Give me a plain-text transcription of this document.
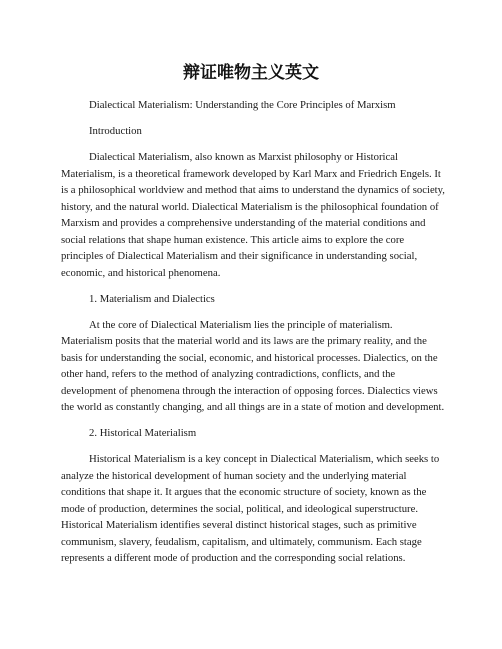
辩证唯物主义英文

Dialectical Materialism: Understanding the Core Principles of Marxism

Introduction

Dialectical Materialism, also known as Marxist philosophy or Historical Materialism, is a theoretical framework developed by Karl Marx and Friedrich Engels. It is a philosophical worldview and method that aims to understand the dynamics of society, history, and the natural world. Dialectical Materialism is the philosophical foundation of Marxism and provides a comprehensive understanding of the material conditions and social relations that shape human existence. This article aims to explore the core principles of Dialectical Materialism and their significance in understanding social, economic, and historical phenomena.

1. Materialism and Dialectics

At the core of Dialectical Materialism lies the principle of materialism. Materialism posits that the material world and its laws are the primary reality, and the basis for understanding the social, economic, and historical processes. Dialectics, on the other hand, refers to the method of analyzing contradictions, conflicts, and the development of phenomena through the interaction of opposing forces. Dialectics views the world as constantly changing, and all things are in a state of motion and development.

2. Historical Materialism

Historical Materialism is a key concept in Dialectical Materialism, which seeks to analyze the historical development of human society and the underlying material conditions that shape it. It argues that the economic structure of society, known as the mode of production, determines the social, political, and ideological superstructure. Historical Materialism identifies several distinct historical stages, such as primitive communism, slavery, feudalism, capitalism, and ultimately, communism. Each stage represents a different mode of production and the corresponding social relations.
